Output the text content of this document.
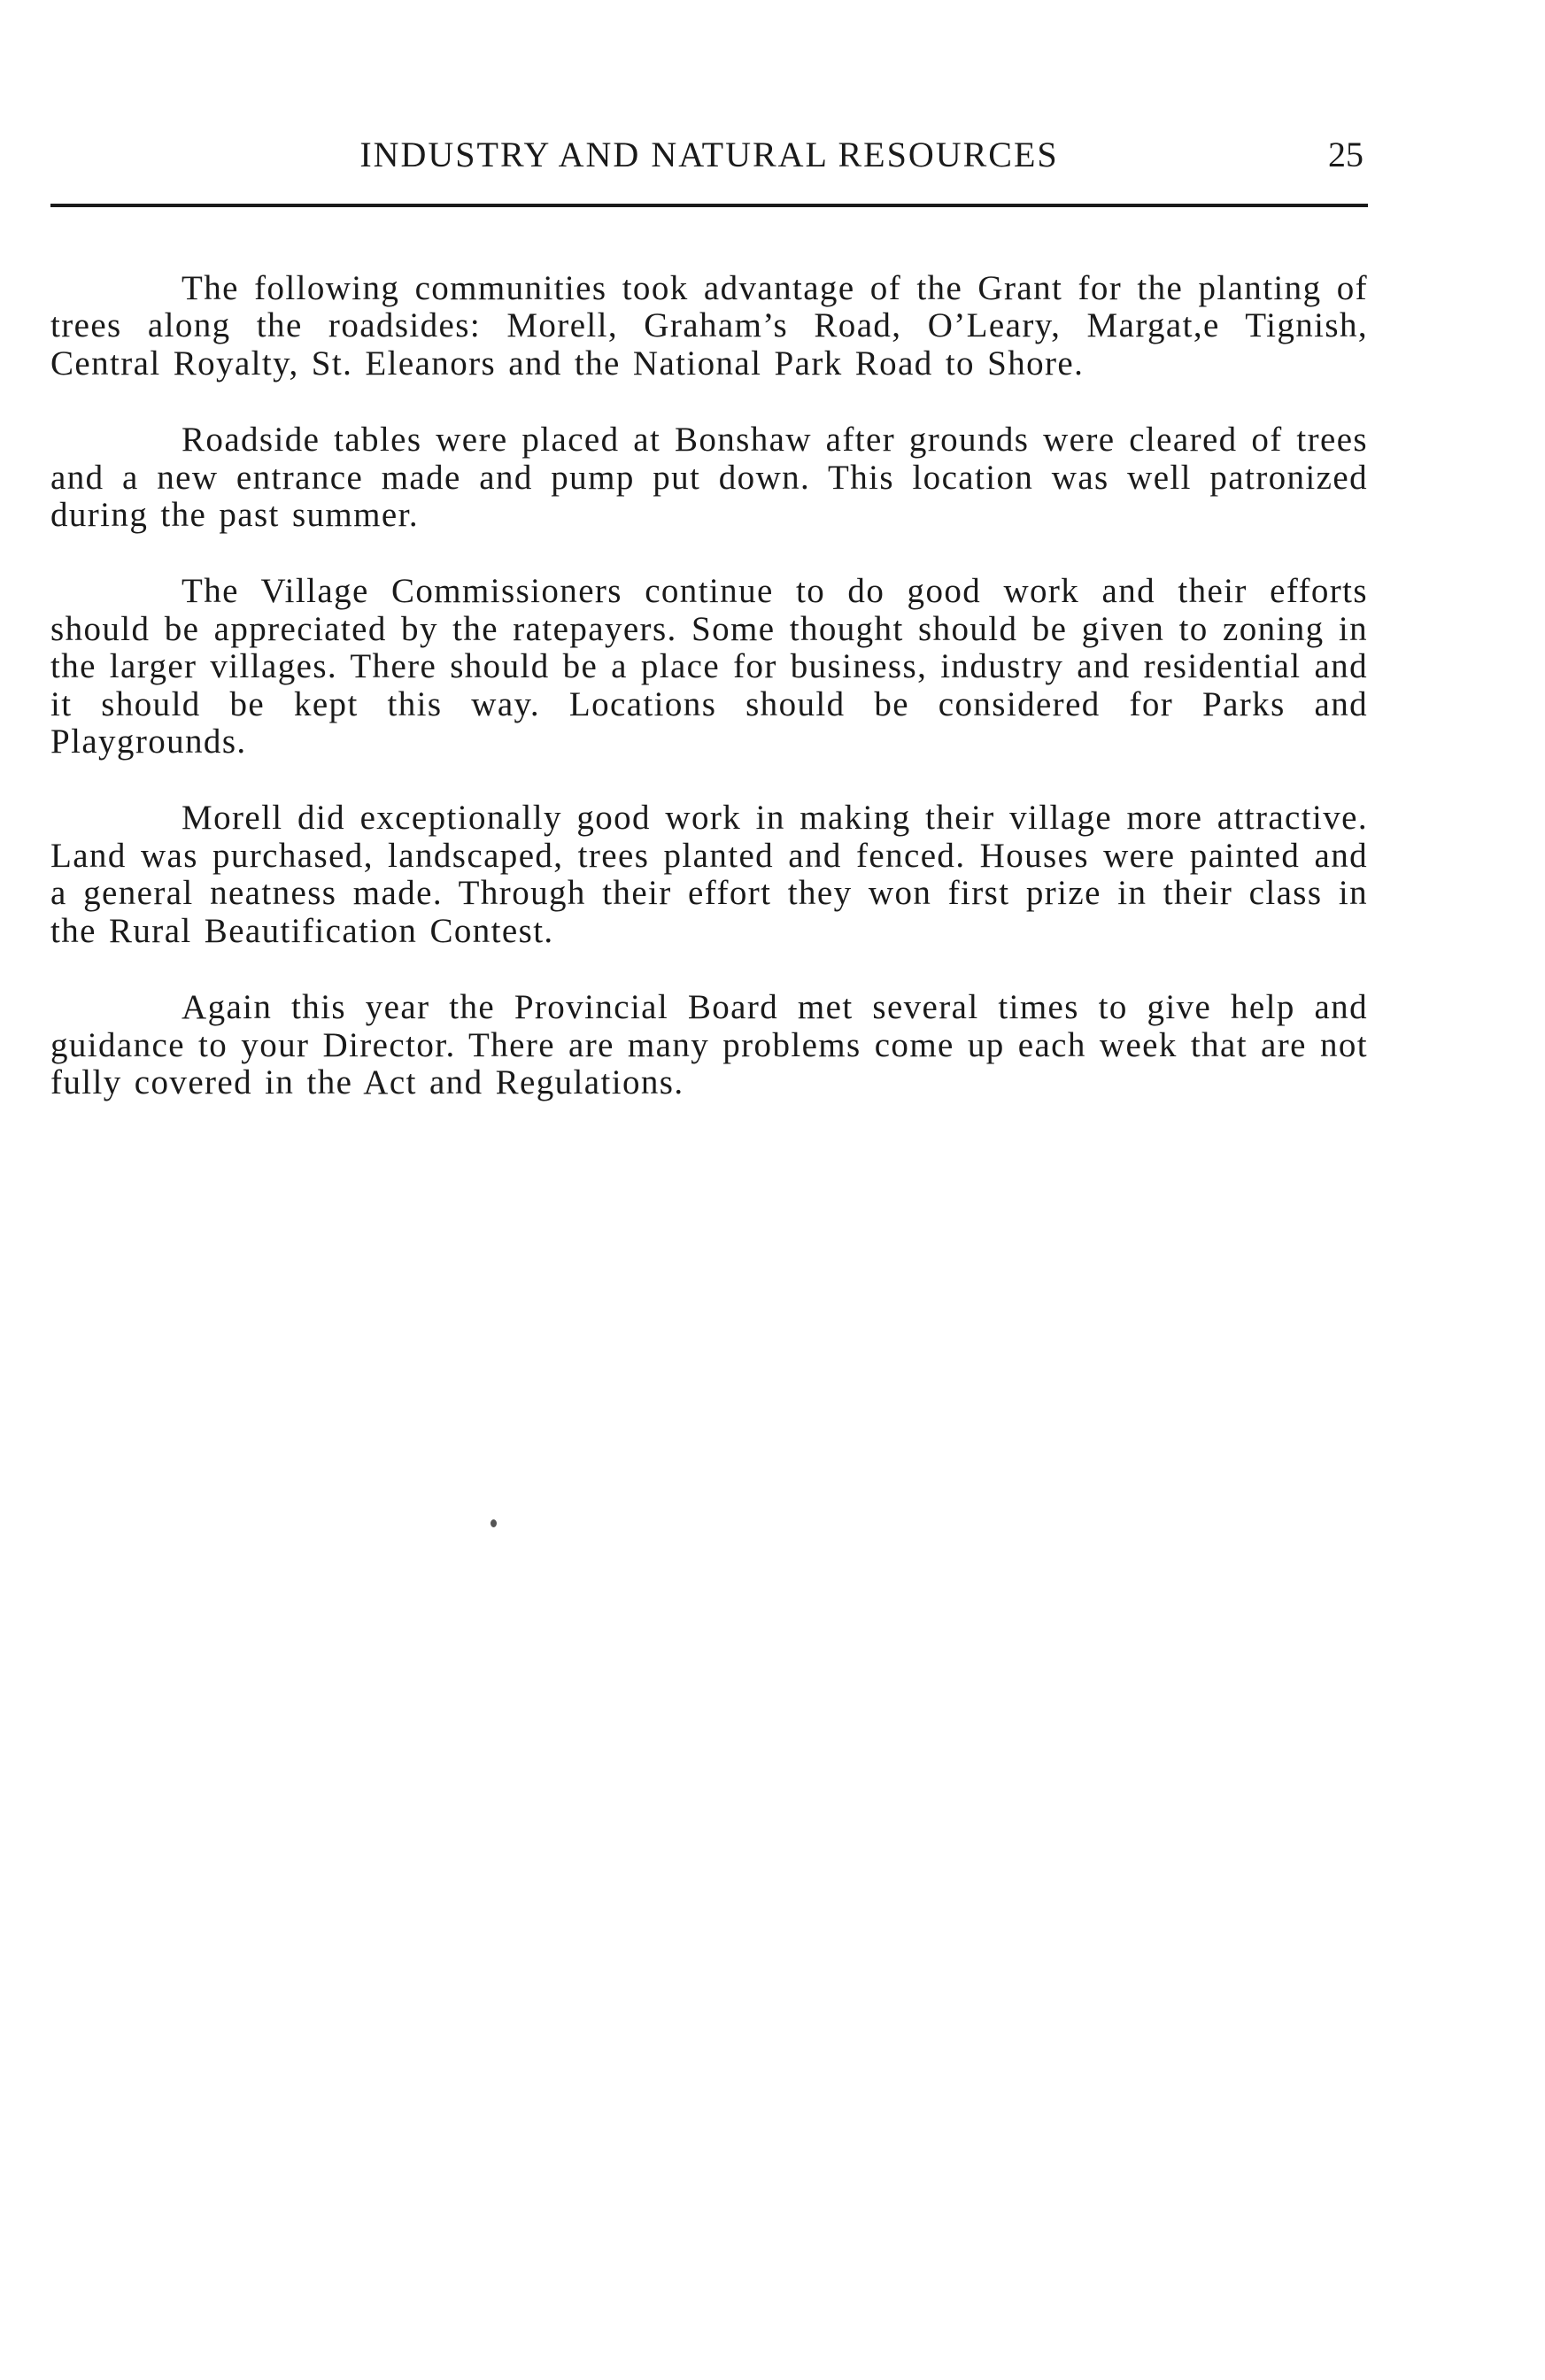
INDUSTRY AND NATURAL RESOURCES	25

The following communities took advantage of the Grant for the planting of trees along the roadsides: Morell, Graham’s Road, O’Leary, Margat,e Tignish, Central Royalty, St. Eleanors and the National Park Road to Shore.

Roadside tables were placed at Bonshaw after grounds were cleared of trees and a new entrance made and pump put down. This location was well patronized during the past summer.

The Village Commissioners continue to do good work and their efforts should be appreciated by the ratepayers. Some thought should be given to zoning in the larger villages. There should be a place for business, industry and residential and it should be kept this way. Locations should be considered for Parks and Playgrounds.

Morell did exceptionally good work in making their village more attractive. Land was purchased, landscaped, trees planted and fenced. Houses were painted and a general neatness made. Through their effort they won first prize in their class in the Rural Beautification Contest.

Again this year the Provincial Board met several times to give help and guidance to your Director. There are many problems come up each week that are not fully covered in the Act and Regulations.
